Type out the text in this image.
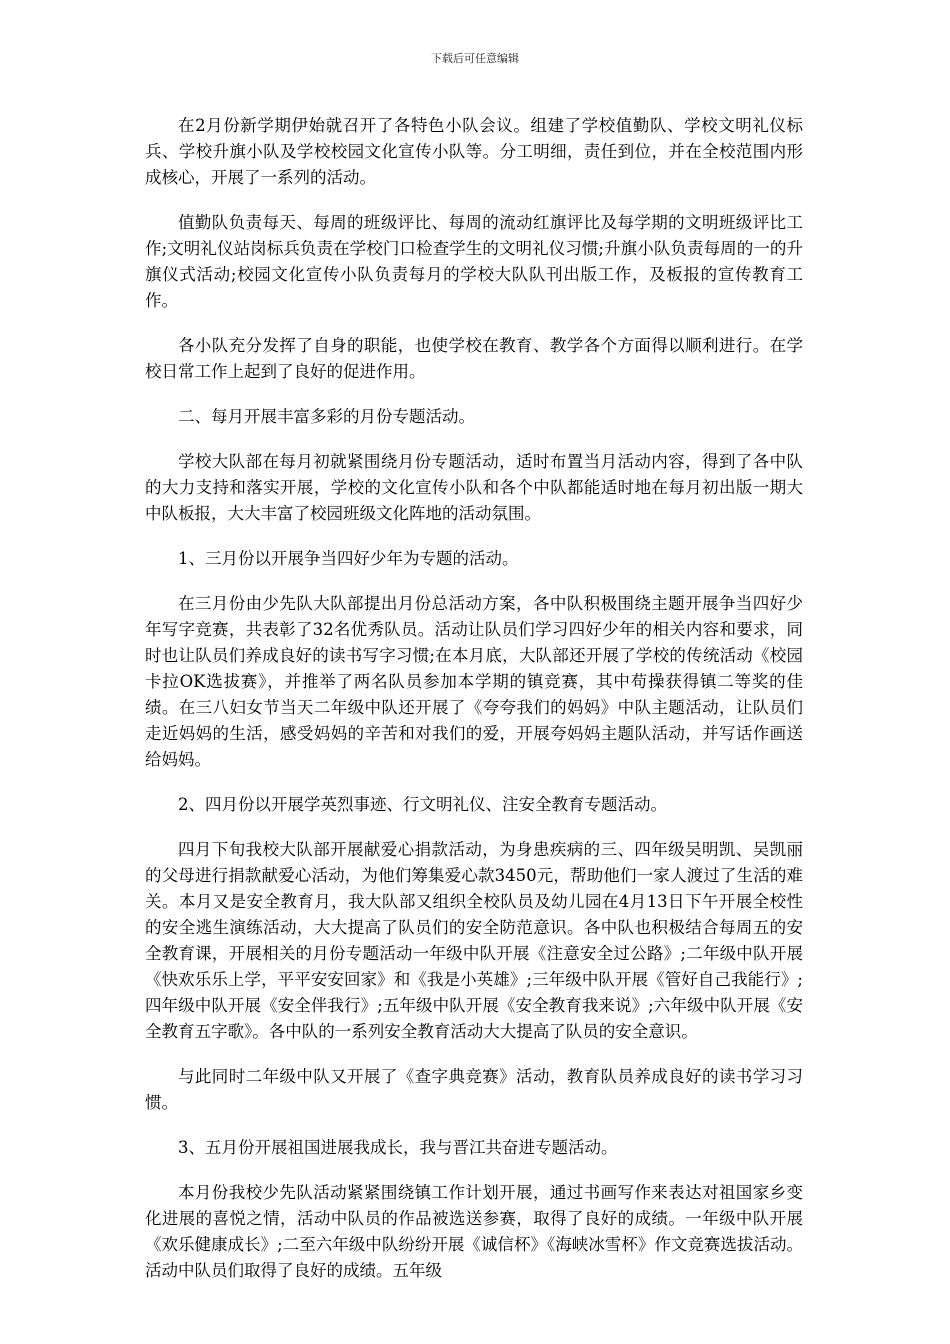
下载后可任意编辑

在2月份新学期伊始就召开了各特色小队会议。组建了学校值勤队、学校文明礼仪标兵、学校升旗小队及学校校园文化宣传小队等。分工明细，责任到位，并在全校范围内形成核心，开展了一系列的活动。

值勤队负责每天、每周的班级评比、每周的流动红旗评比及每学期的文明班级评比工作;文明礼仪站岗标兵负责在学校门口检查学生的文明礼仪习惯;升旗小队负责每周的一的升旗仪式活动;校园文化宣传小队负责每月的学校大队队刊出版工作，及板报的宣传教育工作。

各小队充分发挥了自身的职能，也使学校在教育、教学各个方面得以顺利进行。在学校日常工作上起到了良好的促进作用。

二、每月开展丰富多彩的月份专题活动。

学校大队部在每月初就紧围绕月份专题活动，适时布置当月活动内容，得到了各中队的大力支持和落实开展，学校的文化宣传小队和各个中队都能适时地在每月初出版一期大中队板报，大大丰富了校园班级文化阵地的活动氛围。

1、三月份以开展争当四好少年为专题的活动。

在三月份由少先队大队部提出月份总活动方案，各中队积极围绕主题开展争当四好少年写字竞赛，共表彰了32名优秀队员。活动让队员们学习四好少年的相关内容和要求，同时也让队员们养成良好的读书写字习惯;在本月底，大队部还开展了学校的传统活动《校园卡拉OK选拔赛》，并推举了两名队员参加本学期的镇竞赛，其中苟操获得镇二等奖的佳绩。在三八妇女节当天二年级中队还开展了《夸夸我们的妈妈》中队主题活动，让队员们走近妈妈的生活，感受妈妈的辛苦和对我们的爱，开展夸妈妈主题队活动，并写话作画送给妈妈。

2、四月份以开展学英烈事迹、行文明礼仪、注安全教育专题活动。

四月下旬我校大队部开展献爱心捐款活动，为身患疾病的三、四年级吴明凯、吴凯丽的父母进行捐款献爱心活动，为他们筹集爱心款3450元，帮助他们一家人渡过了生活的难关。本月又是安全教育月，我大队部又组织全校队员及幼儿园在4月13日下午开展全校性的安全逃生演练活动，大大提高了队员们的安全防范意识。各中队也积极结合每周五的安全教育课，开展相关的月份专题活动一年级中队开展《注意安全过公路》;二年级中队开展《快欢乐乐上学，平平安安回家》和《我是小英雄》;三年级中队开展《管好自己我能行》;四年级中队开展《安全伴我行》;五年级中队开展《安全教育我来说》;六年级中队开展《安全教育五字歌》。各中队的一系列安全教育活动大大提高了队员的安全意识。

与此同时二年级中队又开展了《查字典竞赛》活动，教育队员养成良好的读书学习习惯。

3、五月份开展祖国进展我成长，我与晋江共奋进专题活动。

本月份我校少先队活动紧紧围绕镇工作计划开展，通过书画写作来表达对祖国家乡变化进展的喜悦之情，活动中队员的作品被选送参赛，取得了良好的成绩。一年级中队开展《欢乐健康成长》;二至六年级中队纷纷开展《诚信杯》《海峡冰雪杯》作文竞赛选拔活动。活动中队员们取得了良好的成绩。五年级
